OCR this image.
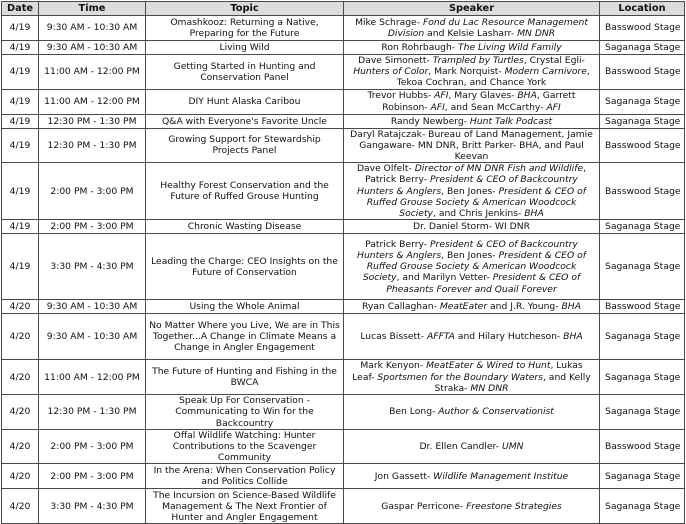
Date	Time	Topic	Speaker	Location
4/19	9:30 AM - 10:30 AM	Omashkooz: Returning a Native, Preparing for the Future	Mike Schrage- Fond du Lac Resource Management Division and Kelsie Lasharr- MN DNR	Basswood Stage
4/19	9:30 AM - 10:30 AM	Living Wild	Ron Rohrbaugh- The Living Wild Family	Saganaga Stage
4/19	11:00 AM - 12:00 PM	Getting Started in Hunting and Conservation Panel	Dave Simonett- Trampled by Turtles, Crystal Egli- Hunters of Color, Mark Norquist- Modern Carnivore, Tekoa Cochran, and Chance York	Basswood Stage
4/19	11:00 AM - 12:00 PM	DIY Hunt Alaska Caribou	Trevor Hubbs- AFI, Mary Glaves- BHA, Garrett Robinson- AFI, and Sean McCarthy- AFI	Saganaga Stage
4/19	12:30 PM - 1:30 PM	Q&A with Everyone's Favorite Uncle	Randy Newberg- Hunt Talk Podcast	Saganaga Stage
4/19	12:30 PM - 1:30 PM	Growing Support for Stewardship Projects Panel	Daryl Ratajczak- Bureau of Land Management, Jamie Gangaware- MN DNR, Britt Parker- BHA, and Paul Keevan	Basswood Stage
4/19	2:00 PM - 3:00 PM	Healthy Forest Conservation and the Future of Ruffed Grouse Hunting	Dave Olfelt- Director of MN DNR Fish and Wildlife, Patrick Berry- President & CEO of Backcountry Hunters & Anglers, Ben Jones- President & CEO of Ruffed Grouse Society & American Woodcock Society, and Chris Jenkins- BHA	Basswood Stage
4/19	2:00 PM - 3:00 PM	Chronic Wasting Disease	Dr. Daniel Storm- WI DNR	Saganaga Stage
4/19	3:30 PM - 4:30 PM	Leading the Charge: CEO Insights on the Future of Conservation	Patrick Berry- President & CEO of Backcountry Hunters & Anglers, Ben Jones- President & CEO of Ruffed Grouse Society & American Woodcock Society, and Marilyn Vetter- President & CEO of Pheasants Forever and Quail Forever	Saganaga Stage
4/20	9:30 AM - 10:30 AM	Using the Whole Animal	Ryan Callaghan- MeatEater and J.R. Young- BHA	Basswood Stage
4/20	9:30 AM - 10:30 AM	No Matter Where you Live, We are in This Together...A Change in Climate Means a Change in Angler Engagement	Lucas Bissett- AFFTA and Hilary Hutcheson- BHA	Saganaga Stage
4/20	11:00 AM - 12:00 PM	The Future of Hunting and Fishing in the BWCA	Mark Kenyon- MeatEater & Wired to Hunt, Lukas Leaf- Sportsmen for the Boundary Waters, and Kelly Straka- MN DNR	Saganaga Stage
4/20	12:30 PM - 1:30 PM	Speak Up For Conservation - Communicating to Win for the Backcountry	Ben Long- Author & Conservationist	Saganaga Stage
4/20	2:00 PM - 3:00 PM	Offal Wildlife Watching: Hunter Contributions to the Scavenger Community	Dr. Ellen Candler- UMN	Basswood Stage
4/20	2:00 PM - 3:00 PM	In the Arena: When Conservation Policy and Politics Collide	Jon Gassett- Wildlife Management Institue	Saganaga Stage
4/20	3:30 PM - 4:30 PM	The Incursion on Science-Based Wildlife Management & The Next Frontier of Hunter and Angler Engagement	Gaspar Perricone- Freestone Strategies	Saganaga Stage
